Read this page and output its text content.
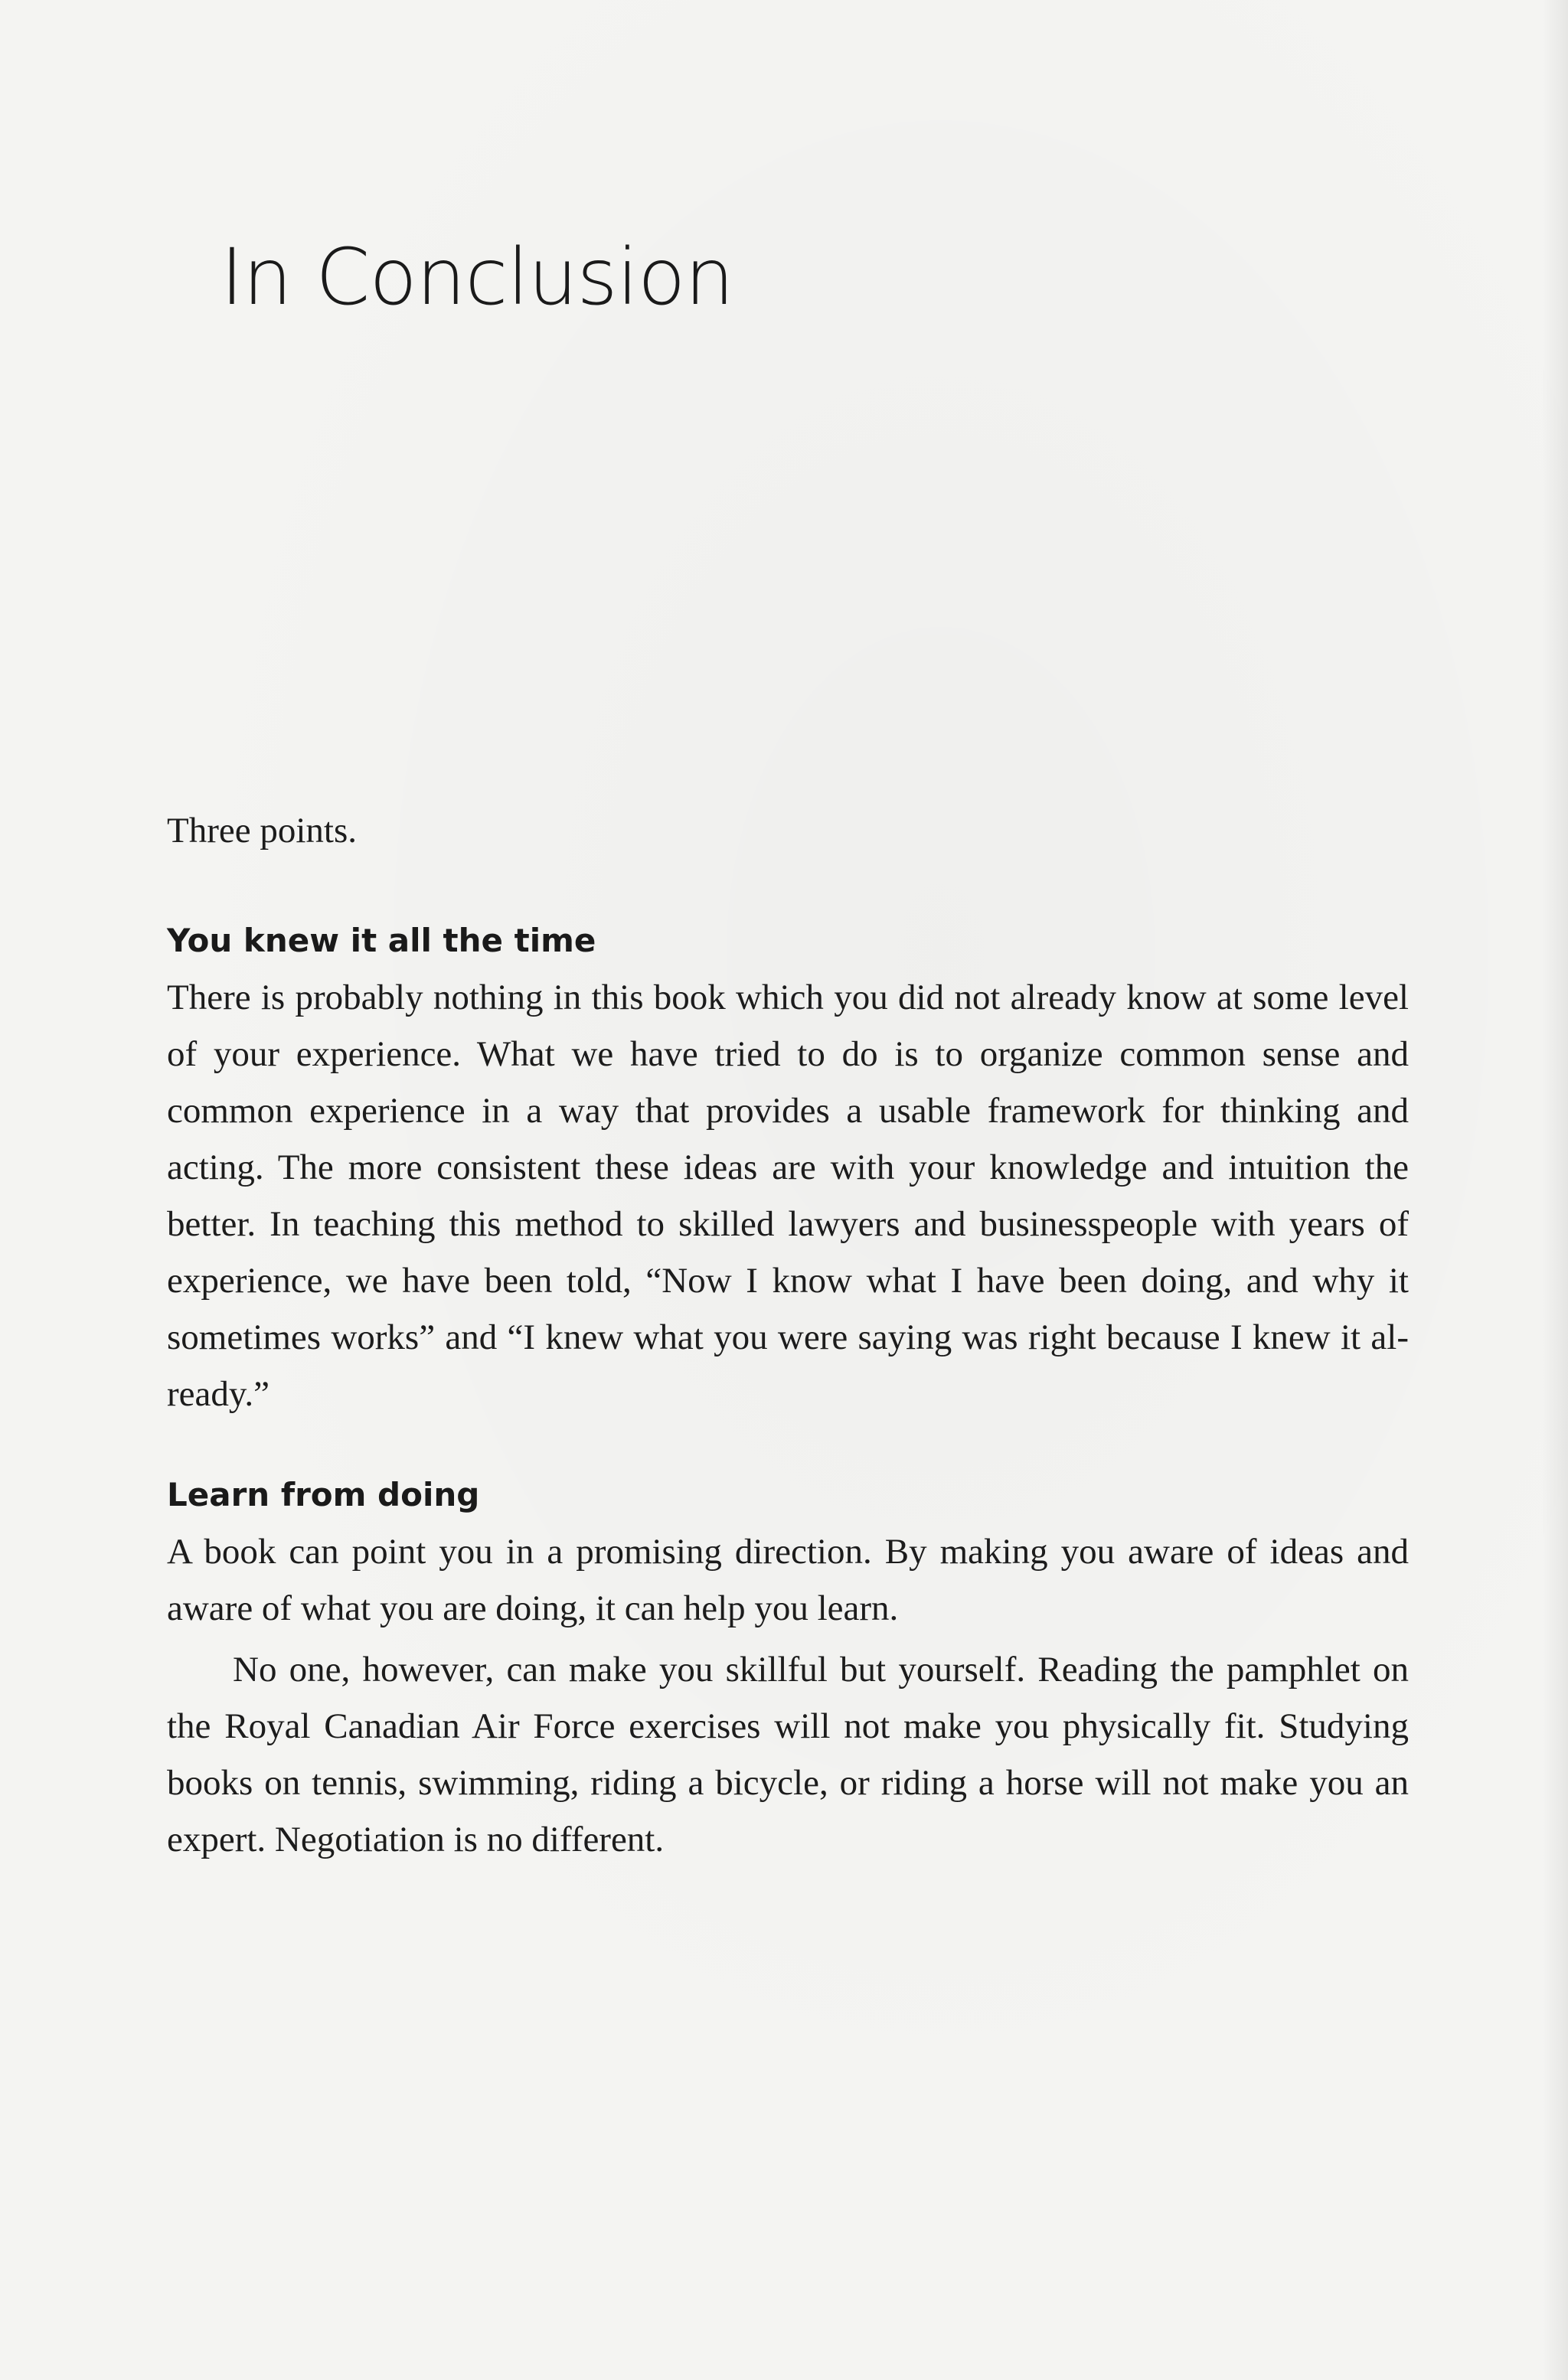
In Conclusion

Three points.

You knew it all the time

There is probably nothing in this book which you did not already know at some level of your experience. What we have tried to do is to organize common sense and common experience in a way that provides a usable framework for thinking and acting. The more consistent these ideas are with your knowledge and intuition the better. In teaching this method to skilled lawyers and businesspeople with years of experience, we have been told, “Now I know what I have been doing, and why it sometimes works” and “I knew what you were saying was right because I knew it already.”

Learn from doing

A book can point you in a promising direction. By making you aware of ideas and aware of what you are doing, it can help you learn.

No one, however, can make you skillful but yourself. Reading the pamphlet on the Royal Canadian Air Force exercises will not make you physically fit. Studying books on tennis, swimming, riding a bicycle, or riding a horse will not make you an expert. Negotiation is no different.
